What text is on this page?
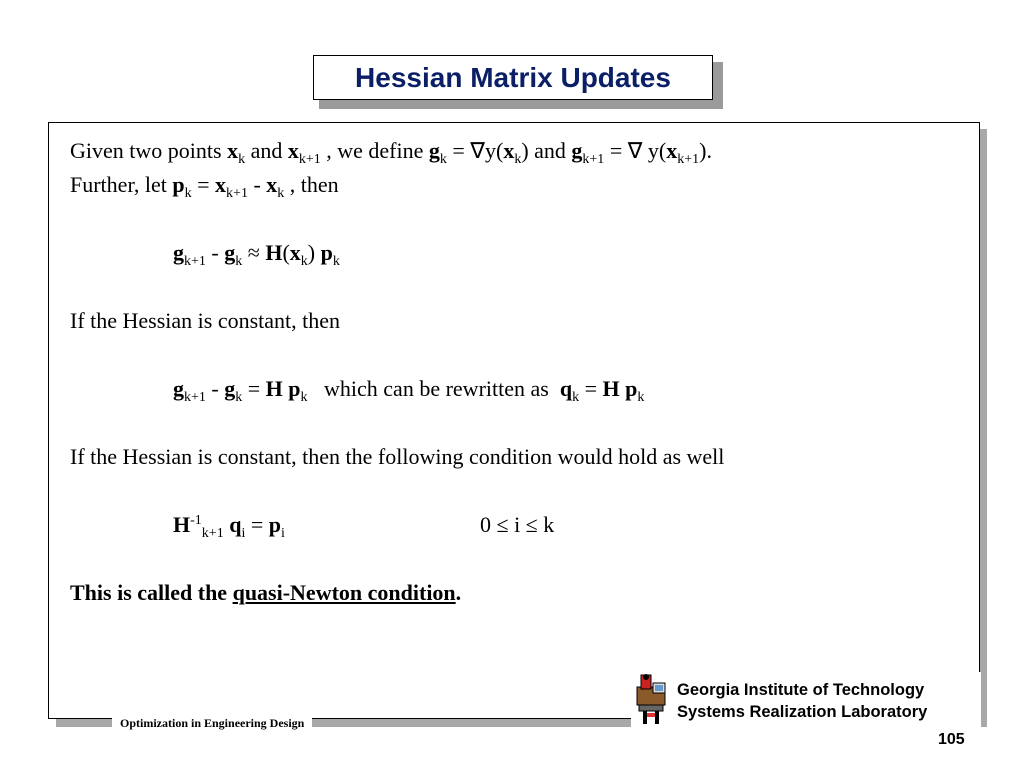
Hessian Matrix Updates
Given two points $x_k$ and $x_{k+1}$ , we define $g_k = \nabla y(x_k)$ and $g_{k+1}$ = ∇ $y(x_{k+1})$.
Further, let $p_k = x_{k+1} - x_k$ , then
$g_{k+1} - g_k \approx H(x_k)$ $p_k$
If the Hessian is constant, then
$g_{k+1} - g_k = H$ $p_k$   which can be rewritten as  $q_k = H$ $p_k$
If the Hessian is constant, then the following condition would hold as well
$H^{-1}_{k+1}$ $q_i = p_i$	0 ≤ i ≤ k
This is called the quasi-Newton condition.
Optimization in Engineering Design
Georgia Institute of Technology
Systems Realization Laboratory
105
